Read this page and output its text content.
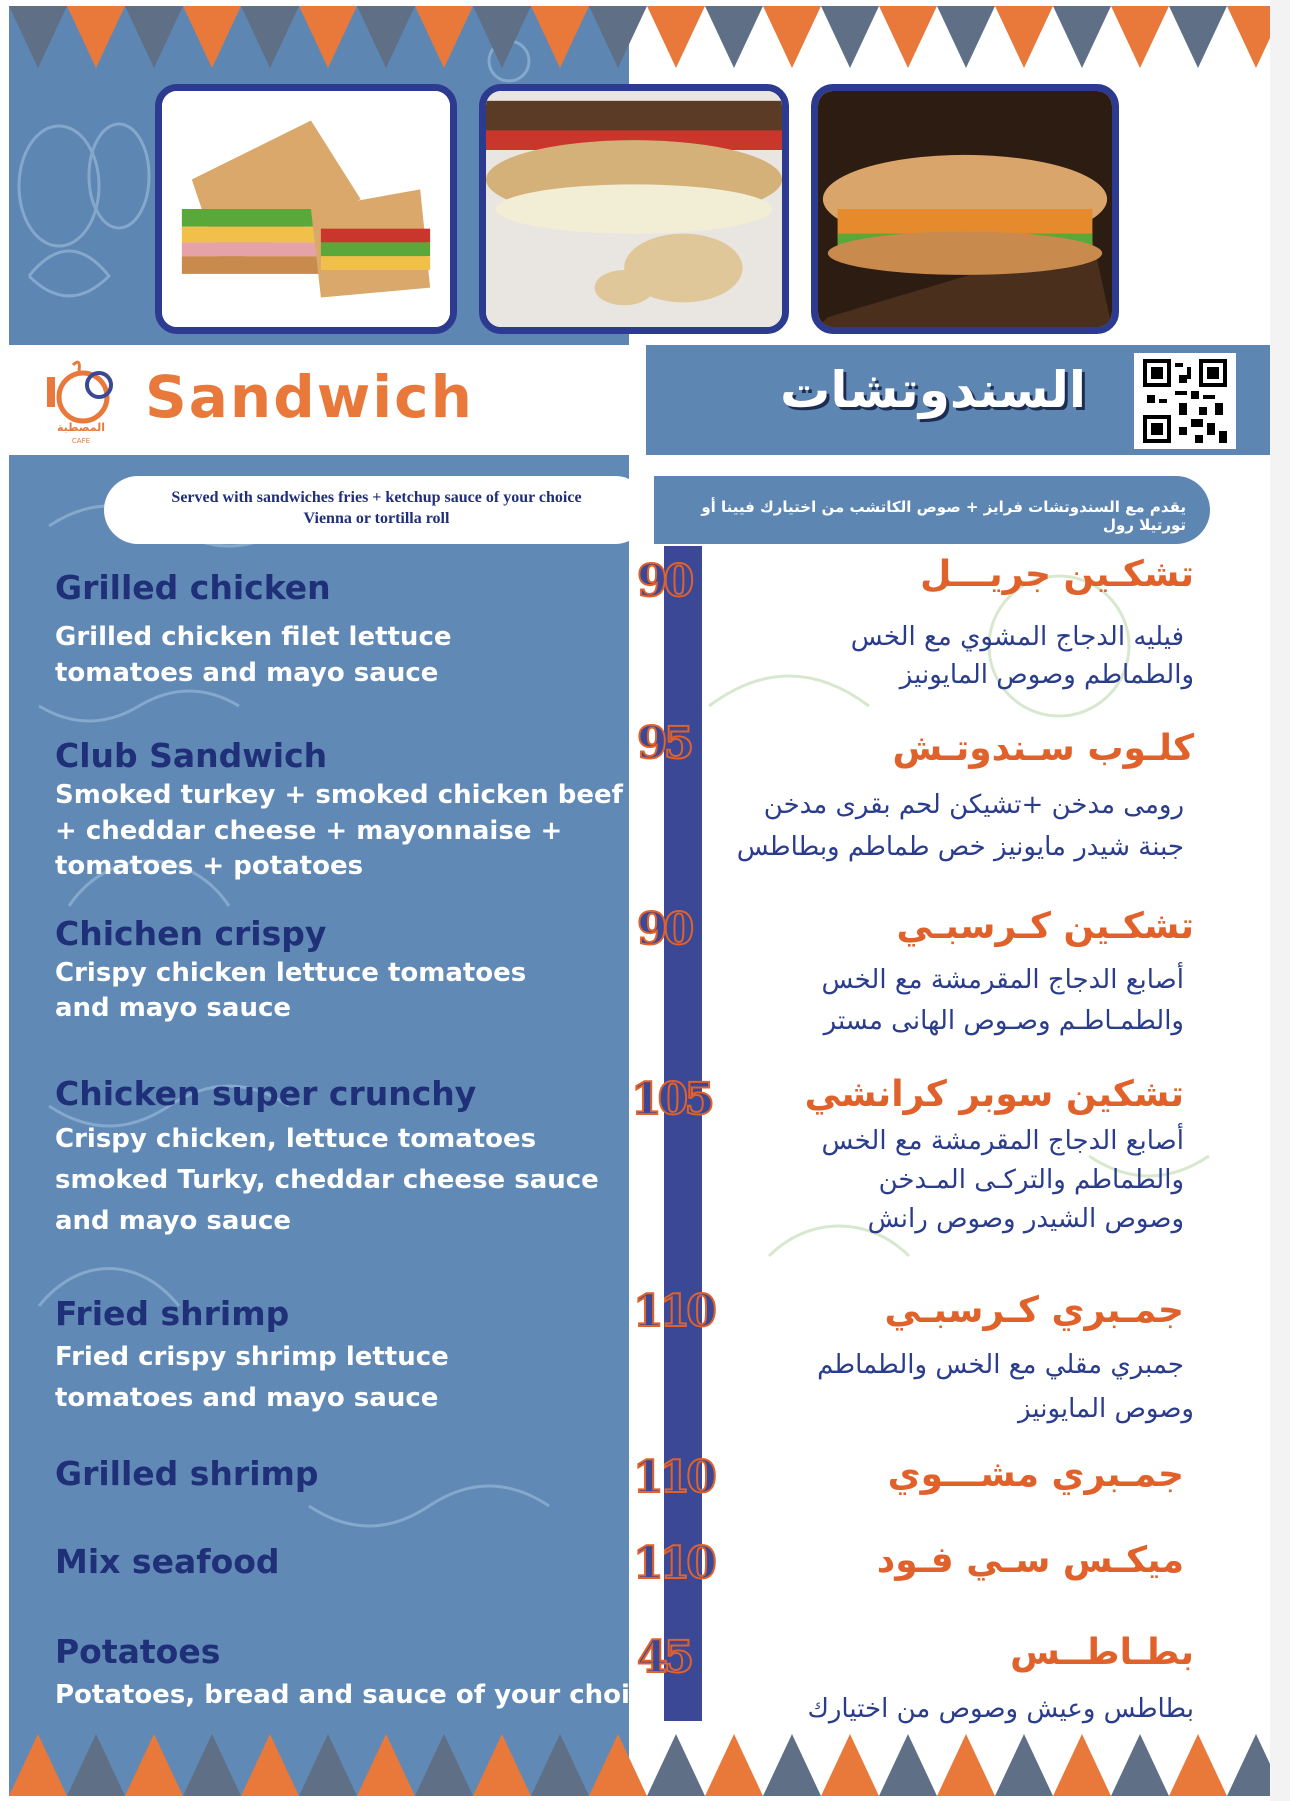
المصطبة
CAFE
Sandwich	السندوتشات
Served with sandwiches fries + ketchup sauce of your choice
Vienna or tortilla roll
يقدم مع السندوتشات فرايز + صوص الكاتشب من اختيارك فيينا أو تورتيلا رول
Grilled chicken
Grilled chicken filet lettuce
tomatoes and mayo sauce
90	تشكـين جريـــل
فيليه الدجاج المشوي مع الخس
والطماطم وصوص المايونيز
Club Sandwich
Smoked turkey + smoked chicken beef
+ cheddar cheese + mayonnaise +
tomatoes + potatoes
95	كلـوب سـندوتـش
رومى مدخن +تشيكن لحم بقرى مدخن
جبنة شيدر مايونيز خص طماطم وبطاطس
Chichen crispy
Crispy chicken lettuce tomatoes
and mayo sauce
90	تشكـين كـرسبـي
أصابع الدجاج المقرمشة مع الخس
والطمـاطـم وصـوص الهانى مستر
Chicken super crunchy
Crispy chicken, lettuce tomatoes
smoked Turky, cheddar cheese sauce
and mayo sauce
105	تشكين سوبر كرانشي
أصابع الدجاج المقرمشة مع الخس
والطماطم والتركـى المـدخن
وصوص الشيدر وصوص رانش
Fried shrimp
Fried crispy shrimp lettuce
tomatoes and mayo sauce
110	جمـبري كـرسبـي
جمبري مقلي مع الخس والطماطم
وصوص المايونيز
Grilled shrimp	110	جمـبري مشـــوي
Mix seafood	110	ميكـس سـي فـود
Potatoes
Potatoes, bread and sauce of your choice
45	بطـاطــس
بطاطس وعيش وصوص من اختيارك
